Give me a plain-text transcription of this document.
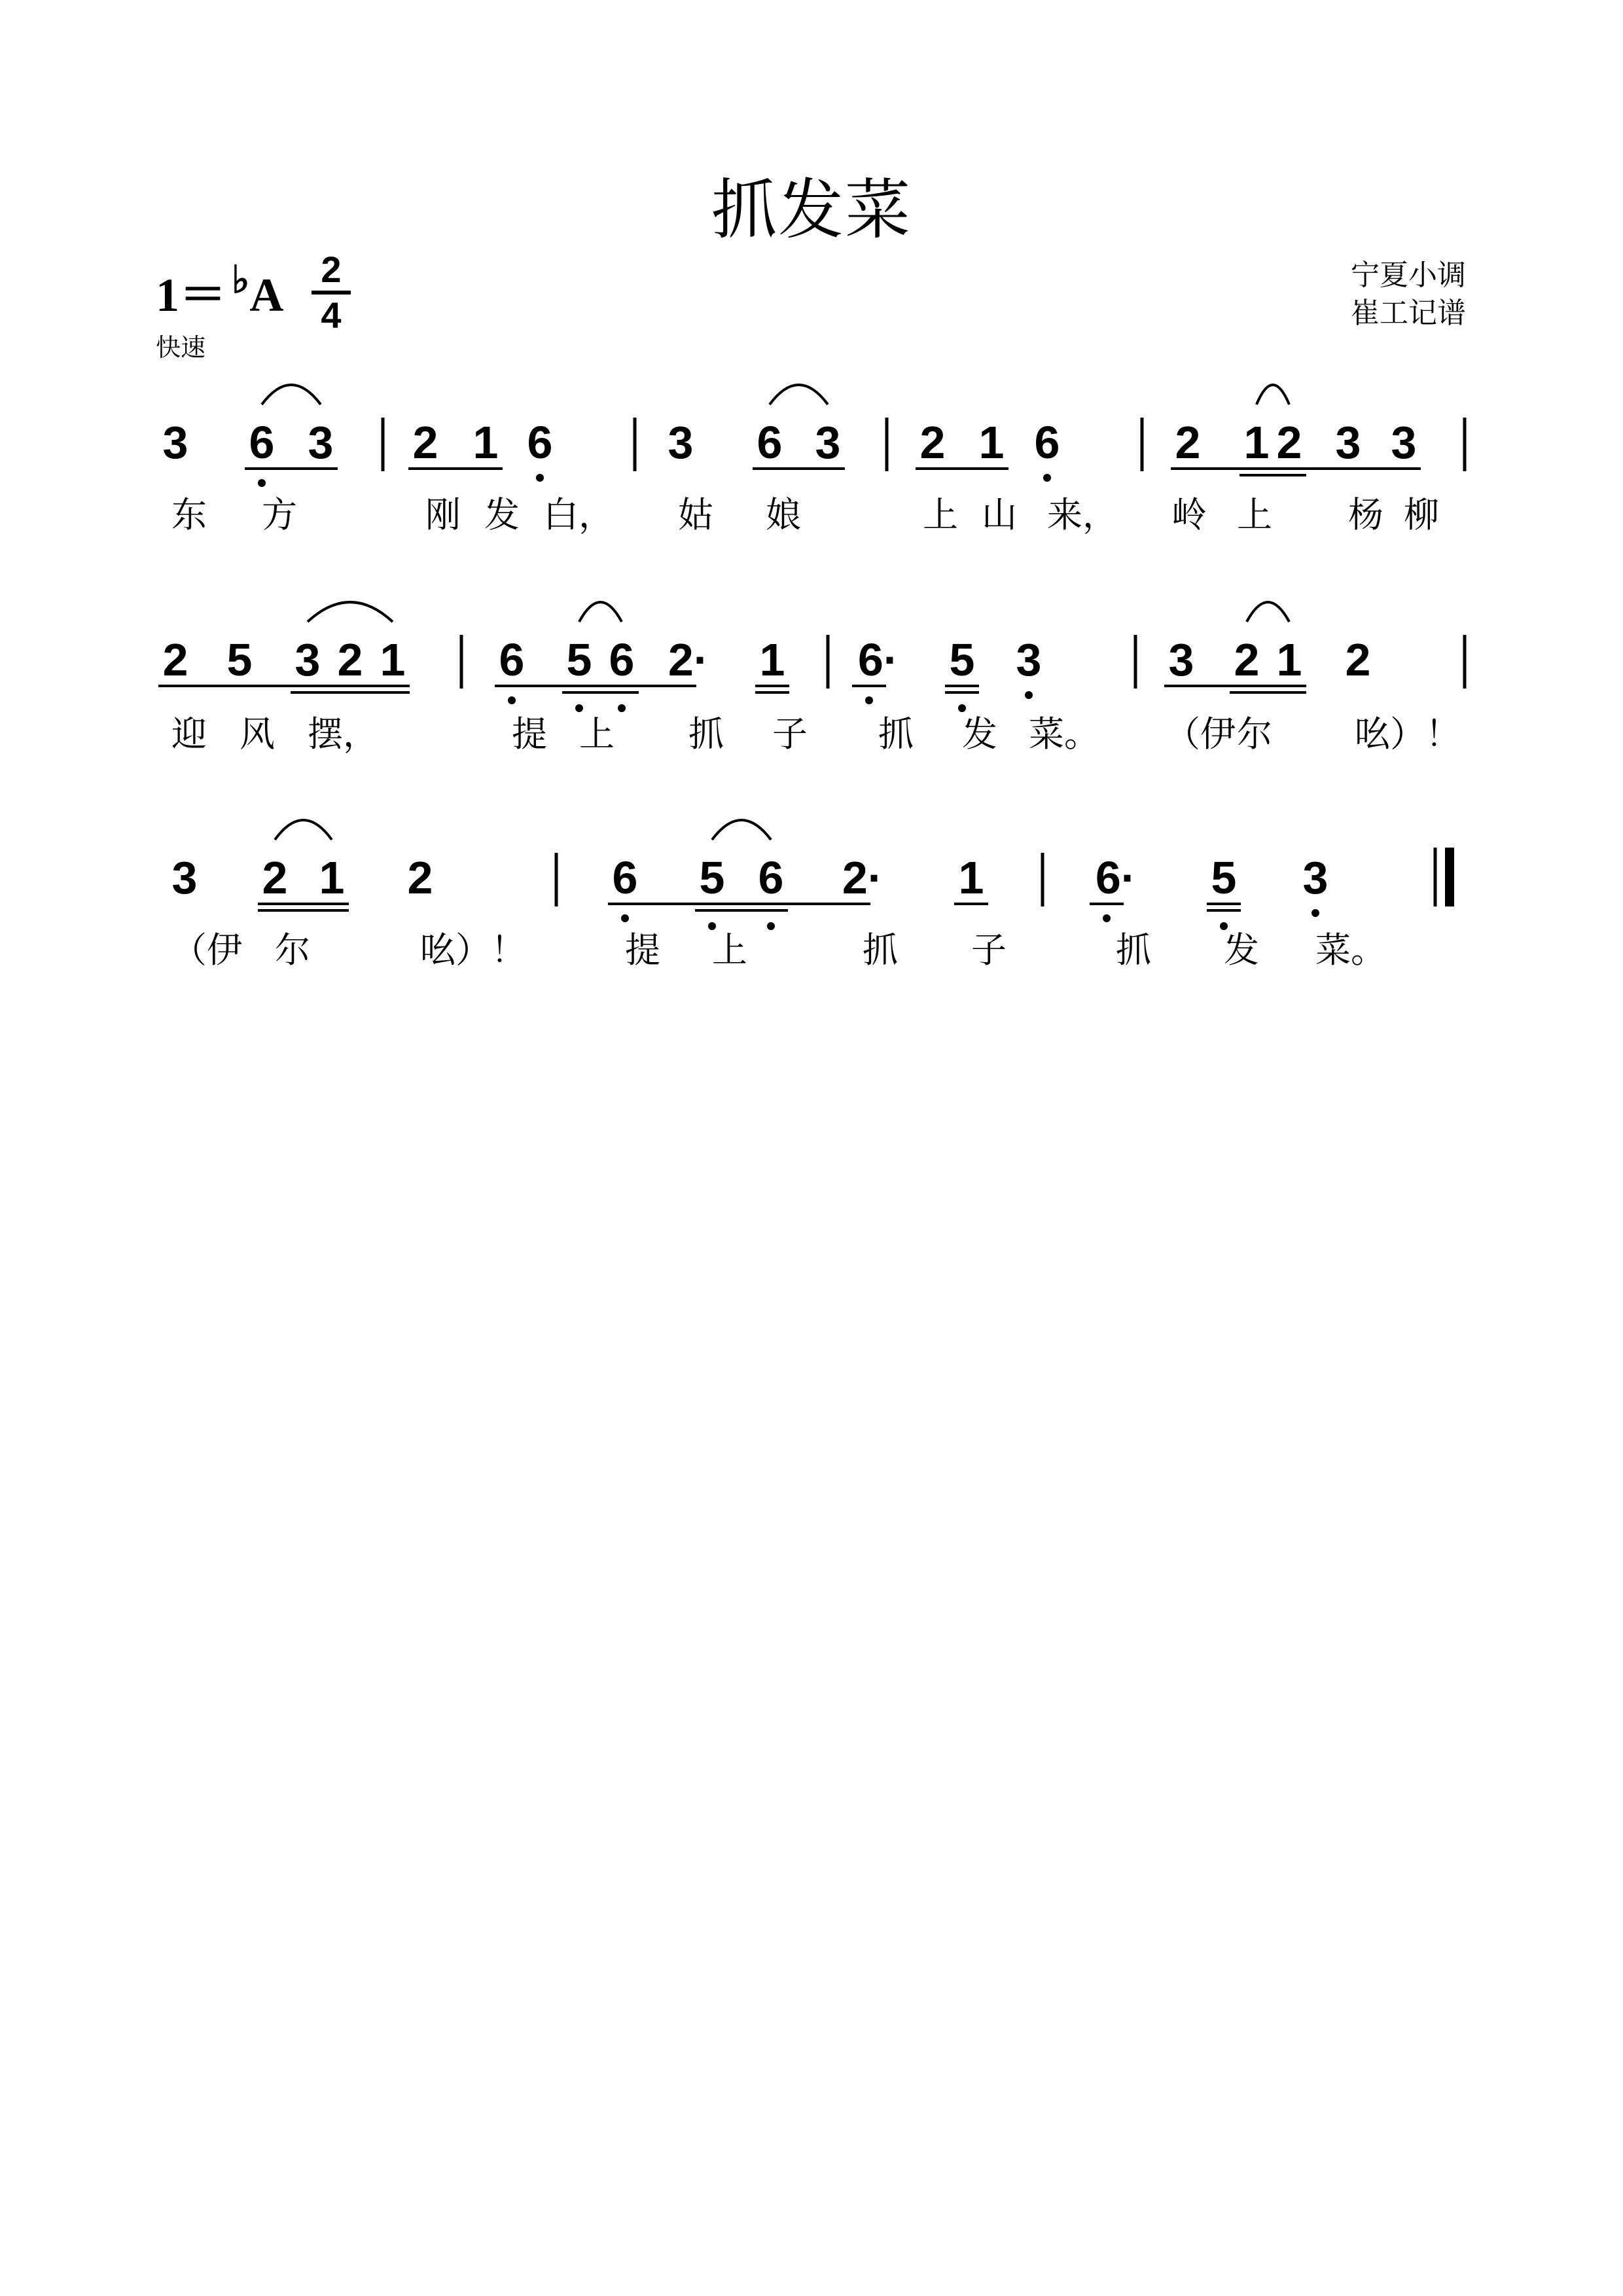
抓发菜
1＝ ♭A 2
4
快速
宁夏小调
崔工记谱
3 6 3 2 1 6	3 6 3 2 1 6	2 1 2 3 3
东 方	刚 发 白， 姑 娘	上 山 来， 岭 上 杨 柳
2 5 3 2 1 6 5 6 2· 1 6· 5 3	3 2 1 2
迎 风 摆，	提 上 抓 子 抓 发 菜。 （伊 尔 吆）！
3 2 1 2	6 5 6 2· 1 6· 5 3
（伊 尔	吆）！	提 上	抓 子	抓 发 菜。
